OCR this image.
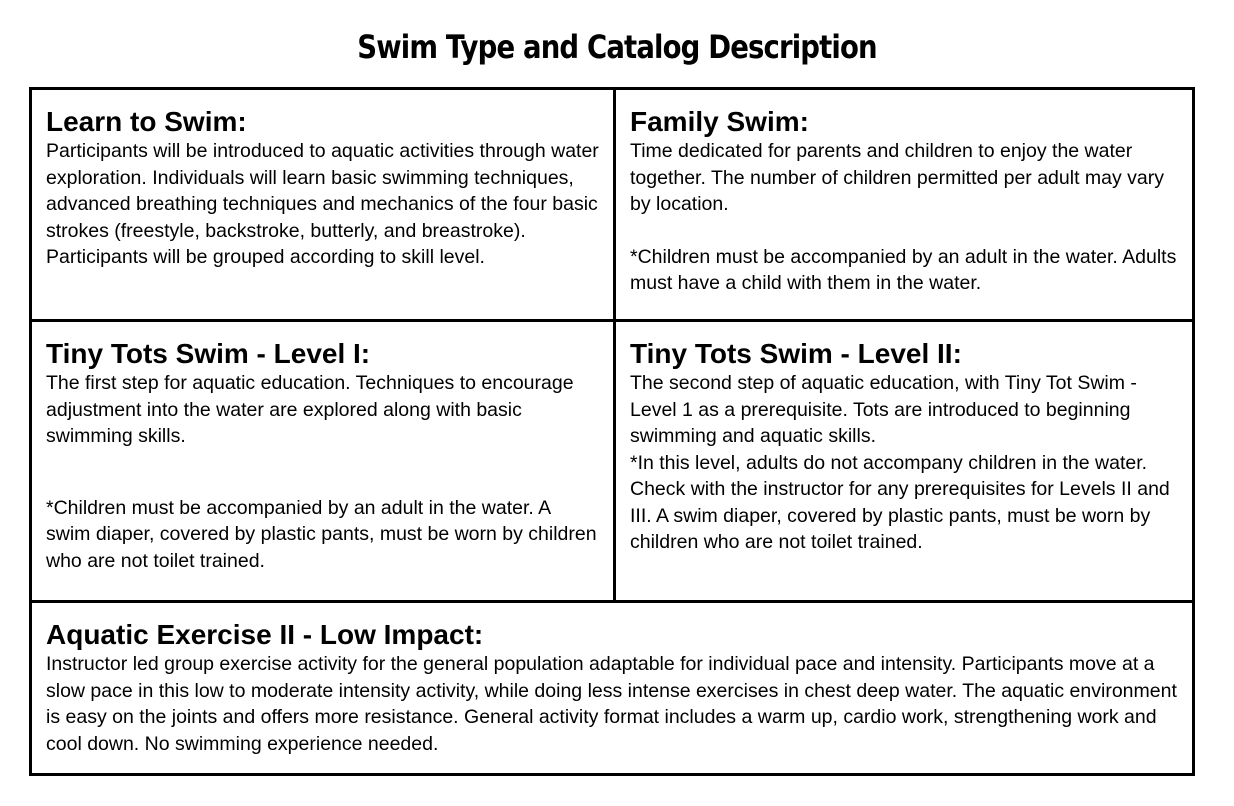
Swim Type and Catalog Description
Learn to Swim:

Participants will be introduced to aquatic activities through water exploration. Individuals will learn basic swimming techniques, advanced breathing techniques and mechanics of the four basic strokes (freestyle, backstroke, butterly, and breastroke). Participants will be grouped according to skill level.

Family Swim:

Time dedicated for parents and children to enjoy the water together. The number of children permitted per adult may vary by location.

*Children must be accompanied by an adult in the water. Adults must have a child with them in the water.

Tiny Tots Swim - Level I:

The first step for aquatic education. Techniques to encourage adjustment into the water are explored along with basic swimming skills.

*Children must be accompanied by an adult in the water. A swim diaper, covered by plastic pants, must be worn by children who are not toilet trained.

Tiny Tots Swim - Level II:

The second step of aquatic education, with Tiny Tot Swim - Level 1 as a prerequisite. Tots are introduced to beginning swimming and aquatic skills.

*In this level, adults do not accompany children in the water. Check with the instructor for any prerequisites for Levels II and III. A swim diaper, covered by plastic pants, must be worn by children who are not toilet trained.

Aquatic Exercise II - Low Impact:

Instructor led group exercise activity for the general population adaptable for individual pace and intensity. Participants move at a slow pace in this low to moderate intensity activity, while doing less intense exercises in chest deep water. The aquatic environment is easy on the joints and offers more resistance. General activity format includes a warm up, cardio work, strengthening work and cool down. No swimming experience needed.
